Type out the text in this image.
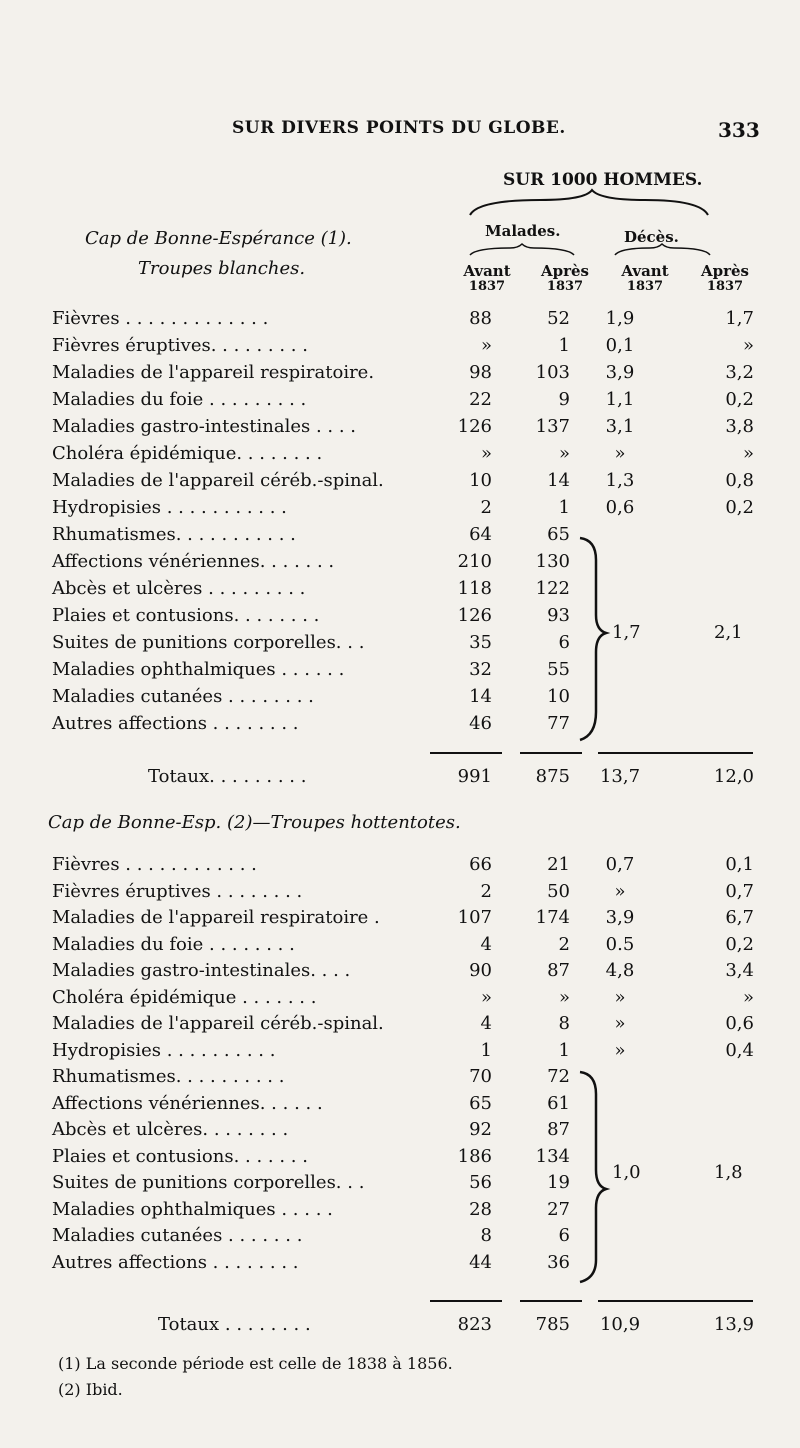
SUR DIVERS POINTS DU GLOBE.	333
SUR 1000 HOMMES.
Malades.	Décès.
Avant
1837
Après
1837
Avant
1837
Après
1837
Cap de Bonne-Espérance (1).
Troupes blanches.
Fièvres . . . . . . . . . . . . .	88	52	1,9	1,7
Fièvres éruptives. . . . . . . . .	»	1	0,1	»
Maladies de l'appareil respiratoire.	98	103	3,9	3,2
Maladies du foie . . . . . . . . .	22	9	1,1	0,2
Maladies gastro-intestinales . . . .	126	137	3,1	3,8
Choléra épidémique. . . . . . . .	»	»	»	»
Maladies de l'appareil céréb.-spinal.	10	14	1,3	0,8
Hydropisies . . . . . . . . . . .	2	1	0,6	0,2
Rhumatismes. . . . . . . . . . .	64	65
Affections vénériennes. . . . . . .	210	130
Abcès et ulcères . . . . . . . . .	118	122
Plaies et contusions. . . . . . . .	126	93
Suites de punitions corporelles. . .	35	6
Maladies ophthalmiques . . . . . .	32	55
Maladies cutanées . . . . . . . .	14	10
Autres affections . . . . . . . .	46	77
1,7	2,1
Totaux. . . . . . . . .	991	875	13,7	12,0
Cap de Bonne-Esp. (2)—Troupes hottentotes.
Fièvres . . . . . . . . . . . .	66	21	0,7	0,1
Fièvres éruptives . . . . . . . .	2	50	»	0,7
Maladies de l'appareil respiratoire .	107	174	3,9	6,7
Maladies du foie . . . . . . . .	4	2	0.5	0,2
Maladies gastro-intestinales. . . .	90	87	4,8	3,4
Choléra épidémique . . . . . . .	»	»	»	»
Maladies de l'appareil céréb.-spinal.	4	8	»	0,6
Hydropisies . . . . . . . . . .	1	1	»	0,4
Rhumatismes. . . . . . . . . .	70	72
Affections vénériennes. . . . . .	65	61
Abcès et ulcères. . . . . . . .	92	87
Plaies et contusions. . . . . . .	186	134
Suites de punitions corporelles. . .	56	19
Maladies ophthalmiques . . . . .	28	27
Maladies cutanées . . . . . . .	8	6
Autres affections . . . . . . . .	44	36
1,0	1,8
Totaux . . . . . . . .	823	785	10,9	13,9
(1) La seconde période est celle de 1838 à 1856.
(2) Ibid.
